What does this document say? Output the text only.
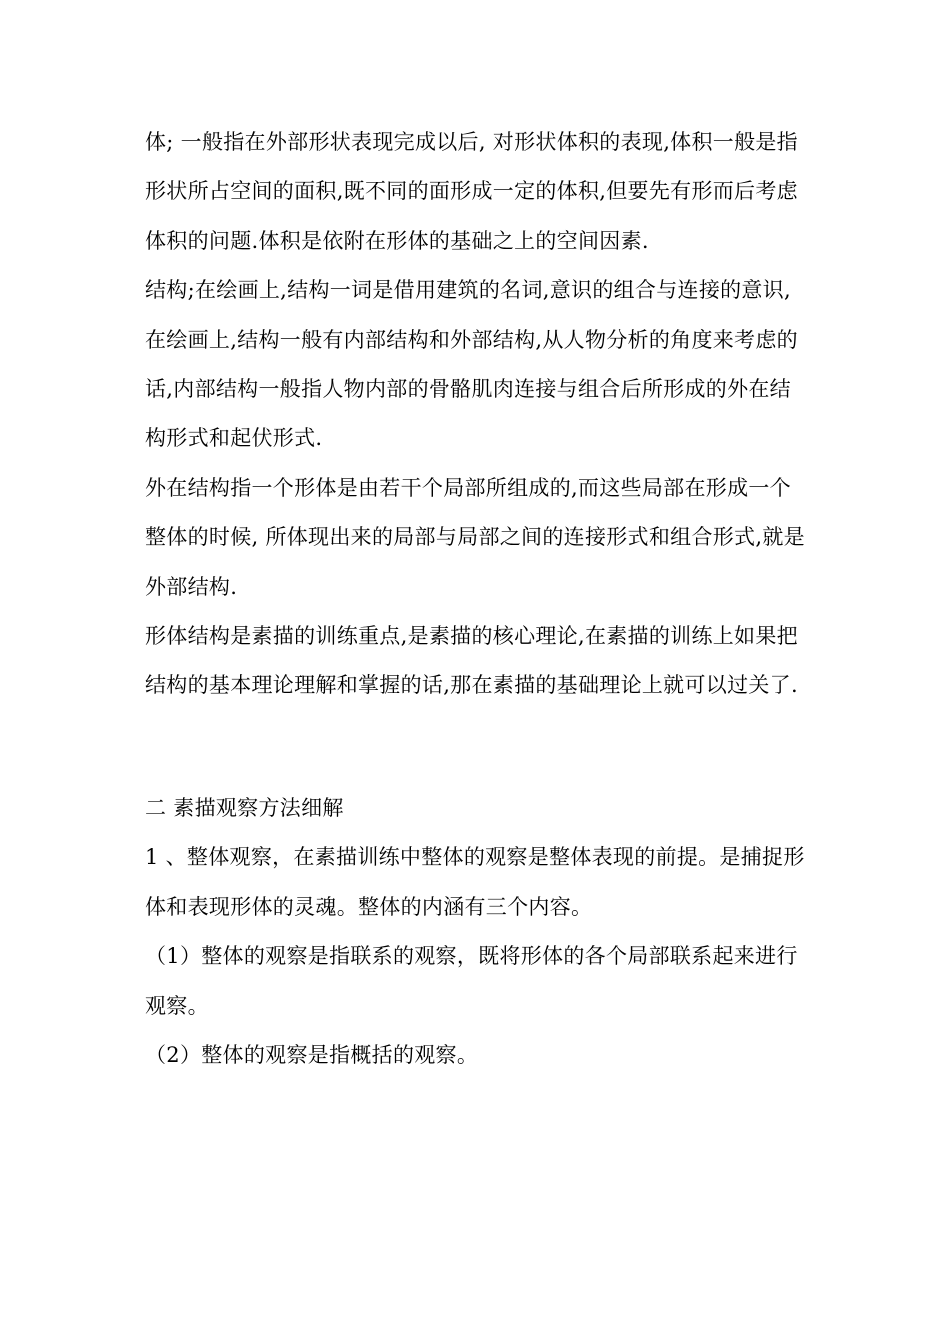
体; 一般指在外部形状表现完成以后, 对形状体积的表现,体积一般是指形状所占空间的面积,既不同的面形成一定的体积,但要先有形而后考虑体积的问题.体积是依附在形体的基础之上的空间因素.

结构;在绘画上,结构一词是借用建筑的名词,意识的组合与连接的意识,在绘画上,结构一般有内部结构和外部结构,从人物分析的角度来考虑的话,内部结构一般指人物内部的骨骼肌肉连接与组合后所形成的外在结构形式和起伏形式.

外在结构指一个形体是由若干个局部所组成的,而这些局部在形成一个整体的时候, 所体现出来的局部与局部之间的连接形式和组合形式,就是外部结构.

形体结构是素描的训练重点,是素描的核心理论,在素描的训练上如果把结构的基本理论理解和掌握的话,那在素描的基础理论上就可以过关了.

二 素描观察方法细解

1 、整体观察，在素描训练中整体的观察是整体表现的前提。是捕捉形体和表现形体的灵魂。整体的内涵有三个内容。

（1）整体的观察是指联系的观察，既将形体的各个局部联系起来进行观察。

（2）整体的观察是指概括的观察。
